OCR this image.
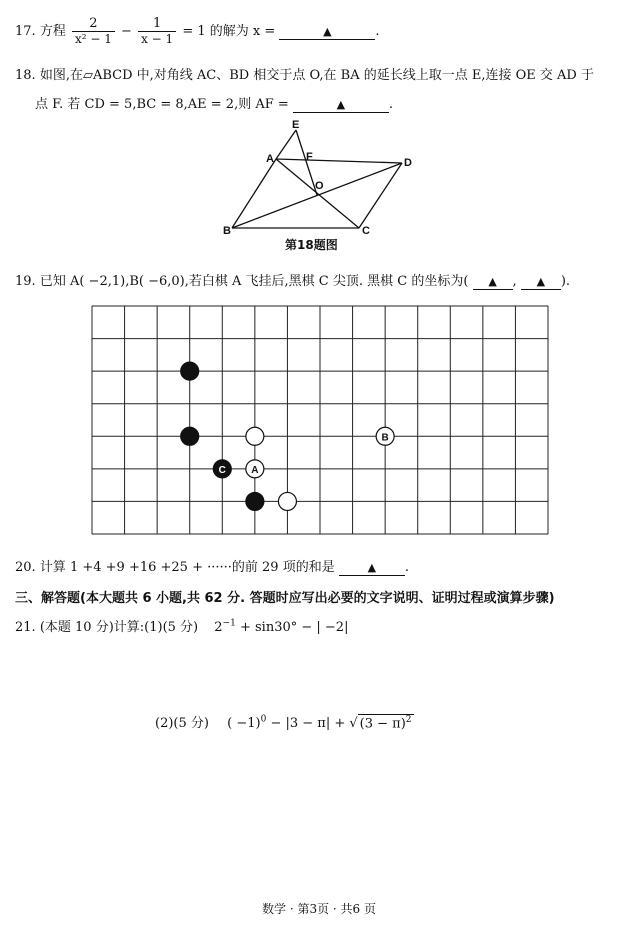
17. 方程 $\frac{2}{\text{x² − 1}} - \frac{1}{x - 1} = 1$ 的解为 x =	▲	.
18. 如图,在▱ABCD 中,对角线 AC、BD 相交于点 O,在 BA 的延长线上取一点 E,连接 OE 交 AD 于
点 F. 若 CD = 5,BC = 8,AE = 2,则 AF =	▲	.
E
A	F	D
O
B	C
第18题图
19. 已知 A( −2,1),B( −6,0),若白棋 A 飞挂后,黑棋 C 尖顶. 黑棋 C 的坐标为( ▲ , ▲ ).
B
C	A
20. 计算 1 +4 +9 +16 +25 + ······的前 29 项的和是	▲ .
三、解答题(本大题共 6 小题,共 62 分. 答题时应写出必要的文字说明、证明过程或演算步骤)
21. (本题 10 分)计算:(1)(5 分) $2^{-1} + \sin 30^\circ$ − | −2|
(2)(5 分) ( −1)$^0$ − |3 − π| + √ $(3 - \pi)^2$
数学 · 第3页 · 共6 页
